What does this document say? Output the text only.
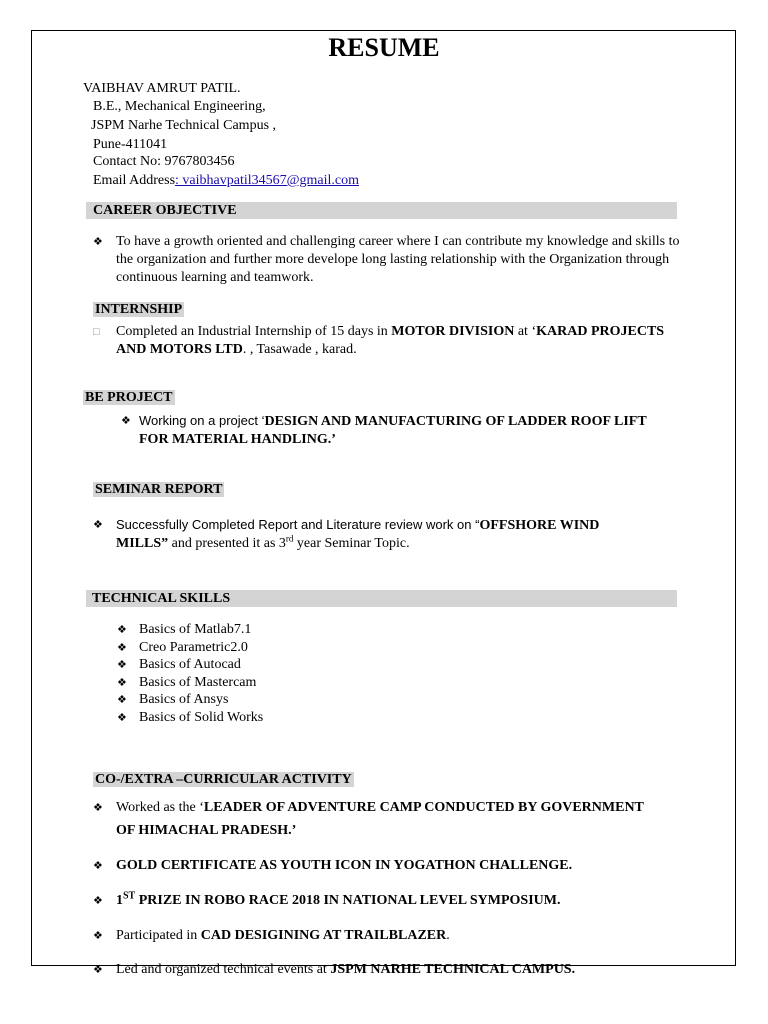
RESUME
VAIBHAV AMRUT PATIL.
B.E., Mechanical Engineering,
JSPM Narhe Technical Campus ,
Pune-411041
Contact No: 9767803456
Email Address: vaibhavpatil34567@gmail.com
CAREER OBJECTIVE
❖ To have a growth oriented and challenging career where I can contribute my knowledge and skills to the organization and further more develope long lasting relationship with the Organization through continuous learning and teamwork.
INTERNSHIP
□ Completed an Industrial Internship of 15 days in MOTOR DIVISION at ‘KARAD PROJECTS AND MOTORS LTD. , Tasawade , karad.
BE PROJECT
❖ Working on a project ‘DESIGN AND MANUFACTURING OF LADDER ROOF LIFT FOR MATERIAL HANDLING.’
SEMINAR REPORT
❖ Successfully Completed Report and Literature review work on “OFFSHORE WIND MILLS” and presented it as 3rd year Seminar Topic.
TECHNICAL SKILLS
❖ Basics of Matlab7.1
❖ Creo Parametric2.0
❖ Basics of Autocad
❖ Basics of Mastercam
❖ Basics of Ansys
❖ Basics of Solid Works
CO-/EXTRA –CURRICULAR ACTIVITY
❖ Worked as the ‘LEADER OF ADVENTURE CAMP CONDUCTED BY GOVERNMENT
OF HIMACHAL PRADESH.’
❖ GOLD CERTIFICATE AS YOUTH ICON IN YOGATHON CHALLENGE.
❖ 1ST PRIZE IN ROBO RACE 2018 IN NATIONAL LEVEL SYMPOSIUM.
❖ Participated in CAD DESIGINING AT TRAILBLAZER.
❖ Led and organized technical events at JSPM NARHE TECHNICAL CAMPUS.
